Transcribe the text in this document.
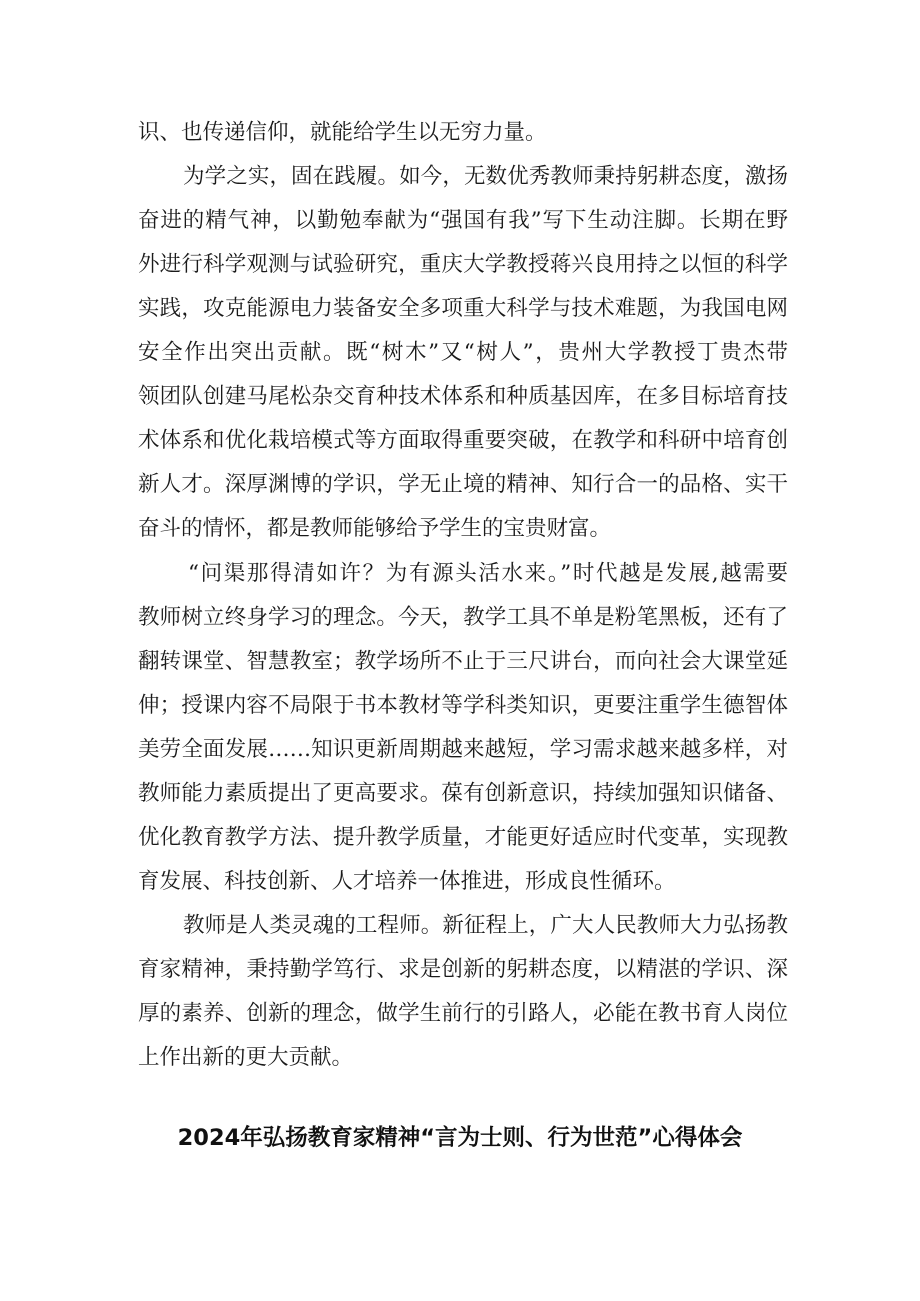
识、也传递信仰，就能给学生以无穷力量。
为学之实，固在践履。如今，无数优秀教师秉持躬耕态度，激扬
奋进的精气神，以勤勉奉献为“强国有我”写下生动注脚。长期在野
外进行科学观测与试验研究，重庆大学教授蒋兴良用持之以恒的科学
实践，攻克能源电力装备安全多项重大科学与技术难题，为我国电网
安全作出突出贡献。既“树木”又“树人”，贵州大学教授丁贵杰带
领团队创建马尾松杂交育种技术体系和种质基因库，在多目标培育技
术体系和优化栽培模式等方面取得重要突破，在教学和科研中培育创
新人才。深厚渊博的学识，学无止境的精神、知行合一的品格、实干
奋斗的情怀，都是教师能够给予学生的宝贵财富。
“问渠那得清如许？为有源头活水来。”时代越是发展,越需要
教师树立终身学习的理念。今天，教学工具不单是粉笔黑板，还有了
翻转课堂、智慧教室；教学场所不止于三尺讲台，而向社会大课堂延
伸；授课内容不局限于书本教材等学科类知识，更要注重学生德智体
美劳全面发展……知识更新周期越来越短，学习需求越来越多样，对
教师能力素质提出了更高要求。葆有创新意识，持续加强知识储备、
优化教育教学方法、提升教学质量，才能更好适应时代变革，实现教
育发展、科技创新、人才培养一体推进，形成良性循环。
教师是人类灵魂的工程师。新征程上，广大人民教师大力弘扬教
育家精神，秉持勤学笃行、求是创新的躬耕态度，以精湛的学识、深
厚的素养、创新的理念，做学生前行的引路人，必能在教书育人岗位
上作出新的更大贡献。
2024年弘扬教育家精神“言为士则、行为世范”心得体会
